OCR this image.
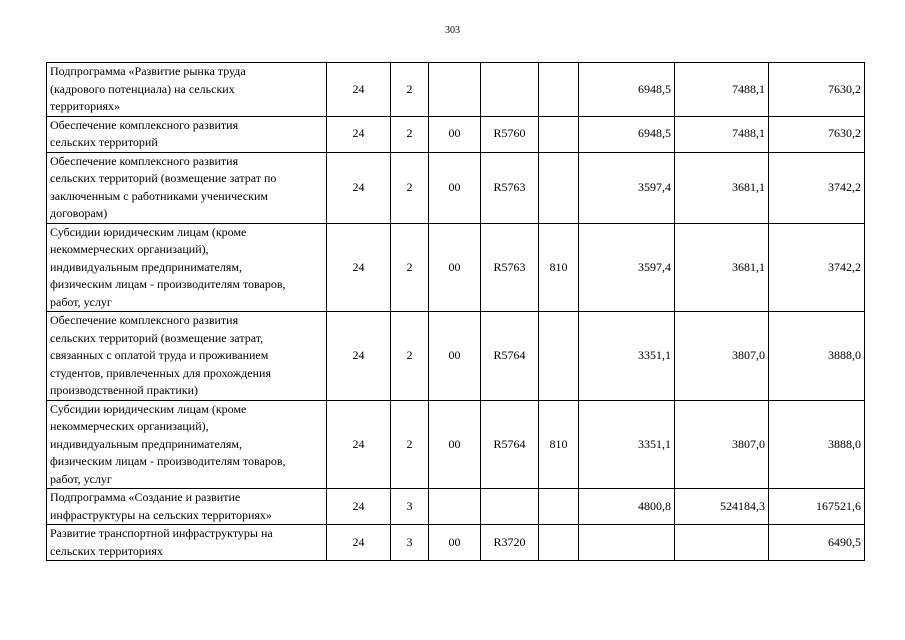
303
Подпрограмма «Развитие рынка труда
(кадрового потенциала) на сельских
территориях»	24	2				6948,5	7488,1	7630,2
Обеспечение комплексного развития
сельских территорий	24	2	00	R5760		6948,5	7488,1	7630,2
Обеспечение комплексного развития
сельских территорий (возмещение затрат по
заключенным с работниками ученическим
договорам)	24	2	00	R5763		3597,4	3681,1	3742,2
Субсидии юридическим лицам (кроме
некоммерческих организаций),
индивидуальным предпринимателям,
физическим лицам - производителям товаров,
работ, услуг	24	2	00	R5763	810	3597,4	3681,1	3742,2
Обеспечение комплексного развития
сельских территорий (возмещение затрат,
связанных с оплатой труда и проживанием
студентов, привлеченных для прохождения
производственной практики)	24	2	00	R5764		3351,1	3807,0	3888,0
Субсидии юридическим лицам (кроме
некоммерческих организаций),
индивидуальным предпринимателям,
физическим лицам - производителям товаров,
работ, услуг	24	2	00	R5764	810	3351,1	3807,0	3888,0
Подпрограмма «Создание и развитие
инфраструктуры на сельских территориях»	24	3				4800,8	524184,3	167521,6
Развитие транспортной инфраструктуры на
сельских территориях	24	3	00	R3720				6490,5
